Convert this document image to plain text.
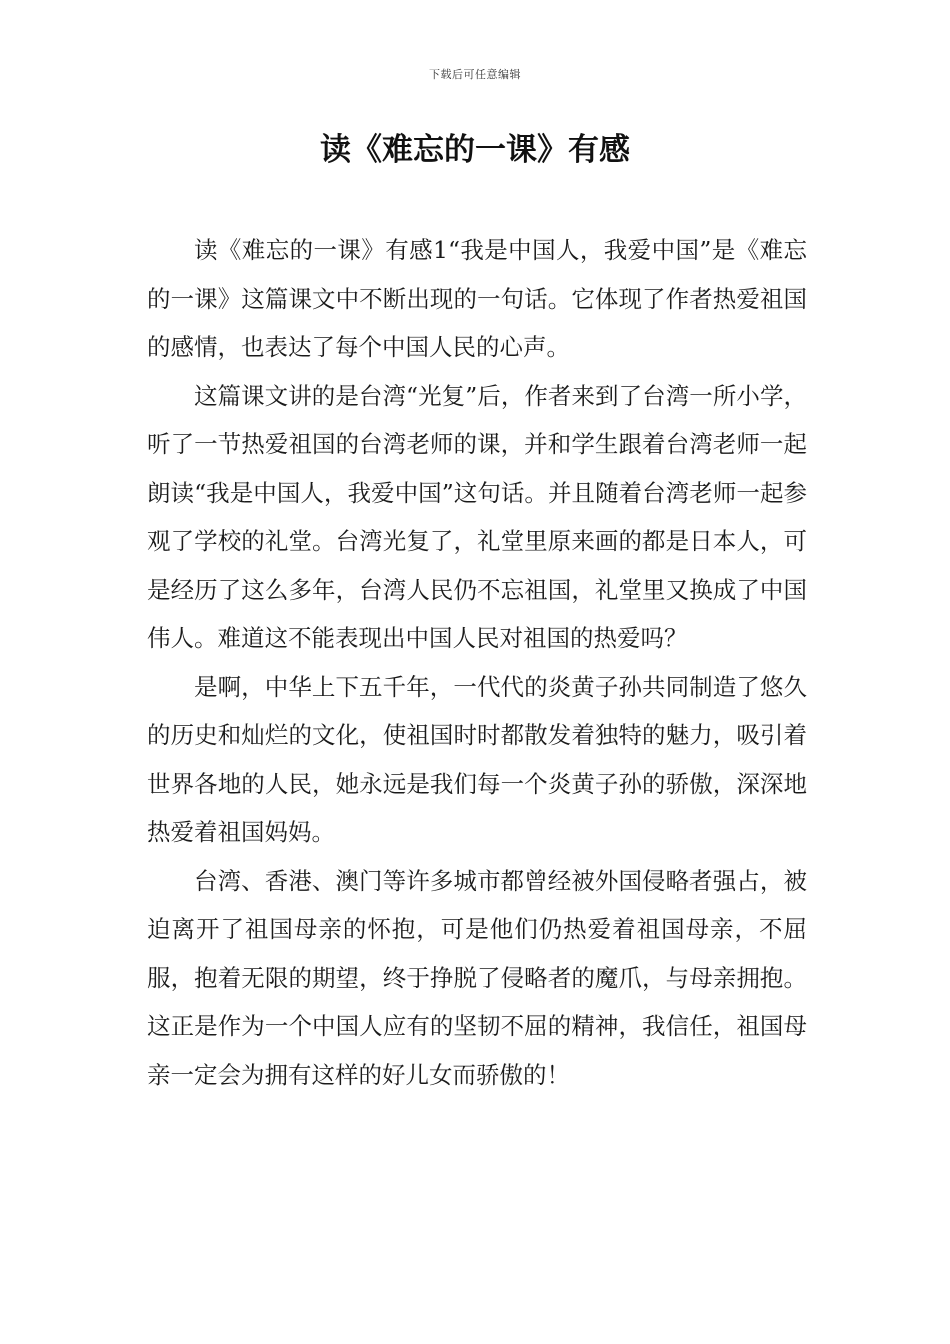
下载后可任意编辑
读《难忘的一课》有感

读《难忘的一课》有感1“我是中国人，我爱中国”是《难忘的一课》这篇课文中不断出现的一句话。它体现了作者热爱祖国的感情，也表达了每个中国人民的心声。

这篇课文讲的是台湾“光复”后，作者来到了台湾一所小学，听了一节热爱祖国的台湾老师的课，并和学生跟着台湾老师一起朗读“我是中国人，我爱中国”这句话。并且随着台湾老师一起参观了学校的礼堂。台湾光复了，礼堂里原来画的都是日本人，可是经历了这么多年，台湾人民仍不忘祖国，礼堂里又换成了中国伟人。难道这不能表现出中国人民对祖国的热爱吗？

是啊，中华上下五千年，一代代的炎黄子孙共同制造了悠久的历史和灿烂的文化，使祖国时时都散发着独特的魅力，吸引着世界各地的人民，她永远是我们每一个炎黄子孙的骄傲，深深地热爱着祖国妈妈。

台湾、香港、澳门等许多城市都曾经被外国侵略者强占，被迫离开了祖国母亲的怀抱，可是他们仍热爱着祖国母亲，不屈服，抱着无限的期望，终于挣脱了侵略者的魔爪，与母亲拥抱。这正是作为一个中国人应有的坚韧不屈的精神，我信任，祖国母亲一定会为拥有这样的好儿女而骄傲的！
